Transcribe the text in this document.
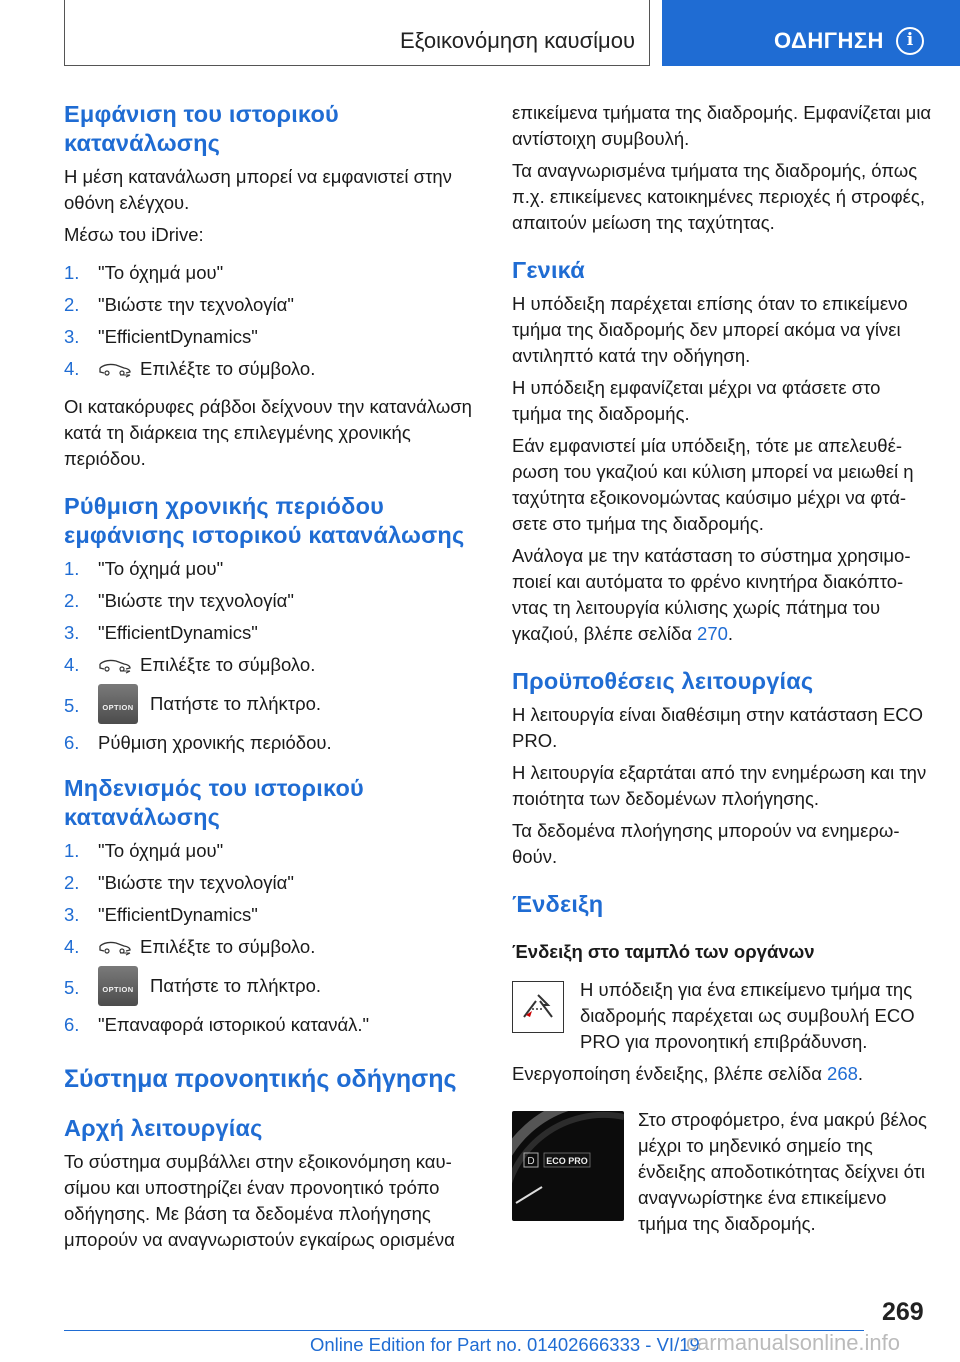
Εξοικονόμηση καυσίμου	ΟΔΗΓΗΣΗ	i
Εμφάνιση του ιστορικού κατανάλωσης

Η μέση κατανάλωση μπορεί να εμφανιστεί στην οθόνη ελέγχου.

Μέσω του iDrive:

1. "Το όχημά μου"
2. "Βιώστε την τεχνολογία"
3. "EfficientDynamics"
4.	Επιλέξτε το σύμβολο.

Οι κατακόρυφες ράβδοι δείχνουν την κατανάλωση κατά τη διάρκεια της επιλεγμένης χρονικής περιόδου.

Ρύθμιση χρονικής περιόδου εμφάνισης ιστορικού κατανάλωσης
1. "Το όχημά μου"
2. "Βιώστε την τεχνολογία"
3. "EfficientDynamics"
4.	Επιλέξτε το σύμβολο.
5.	OPTION Πατήστε το πλήκτρο.
6. Ρύθμιση χρονικής περιόδου.
Μηδενισμός του ιστορικού κατανάλωσης
1. "Το όχημά μου"
2. "Βιώστε την τεχνολογία"
3. "EfficientDynamics"
4.	Επιλέξτε το σύμβολο.
5.	OPTION Πατήστε το πλήκτρο.
6. "Επαναφορά ιστορικού κατανάλ."
Σύστημα προνοητικής οδήγησης
Αρχή λειτουργίας

Το σύστημα συμβάλλει στην εξοικονόμηση καυσίμου και υποστηρίζει έναν προνοητικό τρόπο οδήγησης. Με βάση τα δεδομένα πλοήγησης μπορούν να αναγνωριστούν εγκαίρως ορισμένα

επικείμενα τμήματα της διαδρομής. Εμφανίζεται μια αντίστοιχη συμβουλή.

Τα αναγνωρισμένα τμήματα της διαδρομής, όπως π.χ. επικείμενες κατοικημένες περιοχές ή στροφές, απαιτούν μείωση της ταχύτητας.

Γενικά

Η υπόδειξη παρέχεται επίσης όταν το επικείμενο τμήμα της διαδρομής δεν μπορεί ακόμα να γίνει αντιληπτό κατά την οδήγηση.

Η υπόδειξη εμφανίζεται μέχρι να φτάσετε στο τμήμα της διαδρομής.

Εάν εμφανιστεί μία υπόδειξη, τότε με απελευθέρωση του γκαζιού και κύλιση μπορεί να μειωθεί η ταχύτητα εξοικονομώντας καύσιμο μέχρι να φτάσετε στο τμήμα της διαδρομής.

Ανάλογα με την κατάσταση το σύστημα χρησιμοποιεί και αυτόματα το φρένο κινητήρα διακόπτοντας τη λειτουργία κύλισης χωρίς πάτημα του γκαζιού, βλέπε σελίδα 270.

Προϋποθέσεις λειτουργίας

Η λειτουργία είναι διαθέσιμη στην κατάσταση ECO PRO.

Η λειτουργία εξαρτάται από την ενημέρωση και την ποιότητα των δεδομένων πλοήγησης.

Τα δεδομένα πλοήγησης μπορούν να ενημερωθούν.

Ένδειξη
Ένδειξη στο ταμπλό των οργάνων

Η υπόδειξη για ένα επικείμενο τμήμα της διαδρομής παρέχεται ως συμβουλή ECO PRO για προνοητική επιβράδυνση.

Ενεργοποίηση ένδειξης, βλέπε σελίδα 268.

D ECO PRO

Στο στροφόμετρο, ένα μακρύ βέλος μέχρι το μηδενικό σημείο της ένδειξης αποδοτικότητας δείχνει ότι αναγνωρίστηκε ένα επικείμενο τμήμα της διαδρομής.

269
Online Edition for Part no. 01402666333 - VI/19
carmanualsonline.info
